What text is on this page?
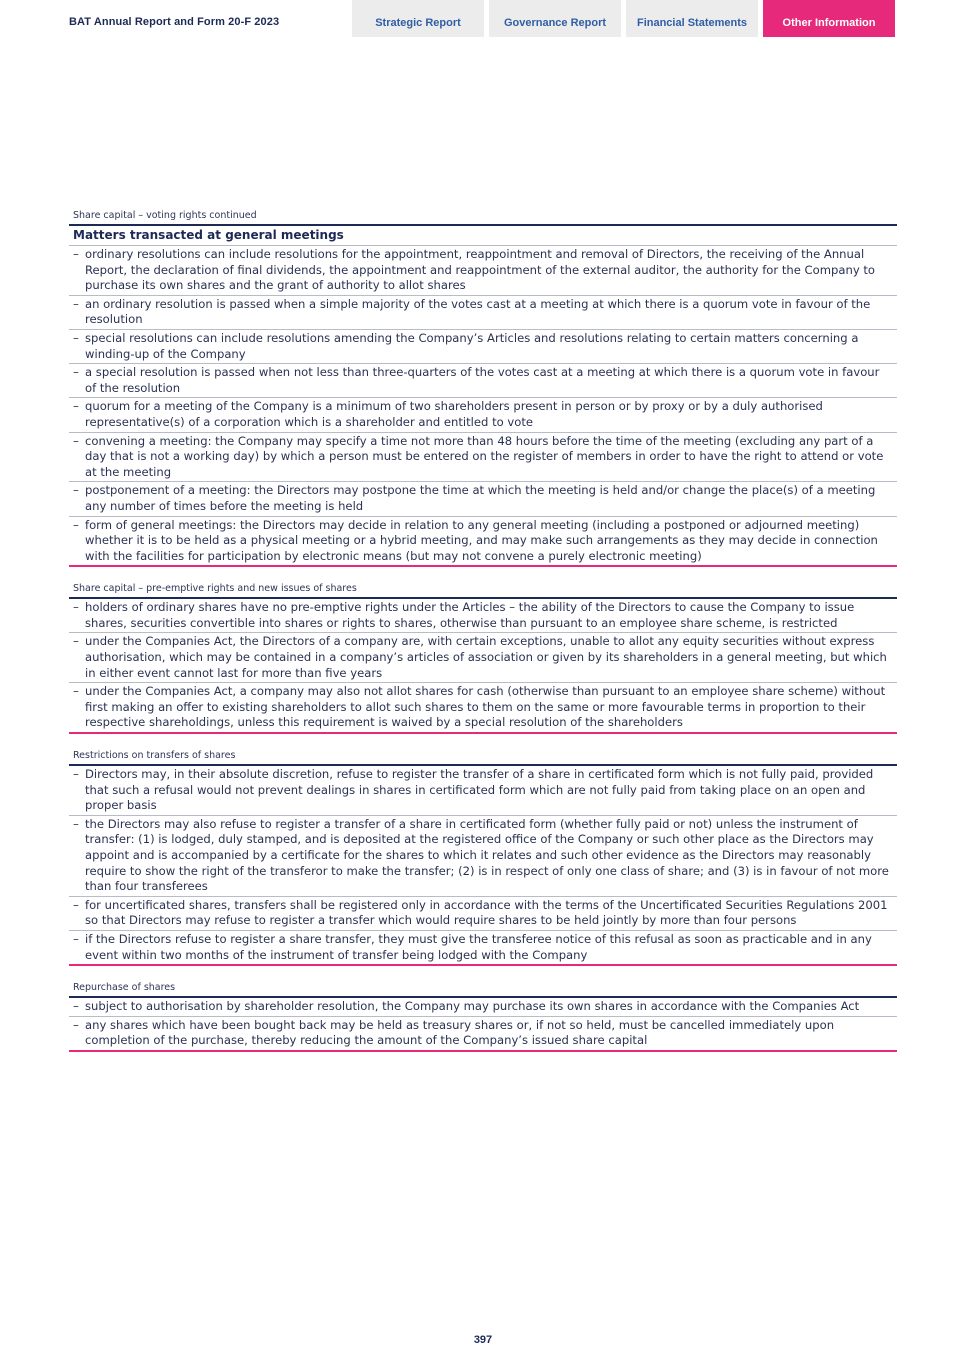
BAT Annual Report and Form 20-F 2023	Strategic Report	Governance Report	Financial Statements	Other Information
Share capital – voting rights continued
Matters transacted at general meetings
– ordinary resolutions can include resolutions for the appointment, reappointment and removal of Directors, the receiving of the Annual Report, the declaration of final dividends, the appointment and reappointment of the external auditor, the authority for the Company to purchase its own shares and the grant of authority to allot shares
– an ordinary resolution is passed when a simple majority of the votes cast at a meeting at which there is a quorum vote in favour of the resolution
– special resolutions can include resolutions amending the Company’s Articles and resolutions relating to certain matters concerning a winding-up of the Company
– a special resolution is passed when not less than three-quarters of the votes cast at a meeting at which there is a quorum vote in favour of the resolution
– quorum for a meeting of the Company is a minimum of two shareholders present in person or by proxy or by a duly authorised representative(s) of a corporation which is a shareholder and entitled to vote
– convening a meeting: the Company may specify a time not more than 48 hours before the time of the meeting (excluding any part of a day that is not a working day) by which a person must be entered on the register of members in order to have the right to attend or vote at the meeting
– postponement of a meeting: the Directors may postpone the time at which the meeting is held and/or change the place(s) of a meeting any number of times before the meeting is held
– form of general meetings: the Directors may decide in relation to any general meeting (including a postponed or adjourned meeting) whether it is to be held as a physical meeting or a hybrid meeting, and may make such arrangements as they may decide in connection with the facilities for participation by electronic means (but may not convene a purely electronic meeting)
Share capital – pre-emptive rights and new issues of shares
– holders of ordinary shares have no pre-emptive rights under the Articles – the ability of the Directors to cause the Company to issue shares, securities convertible into shares or rights to shares, otherwise than pursuant to an employee share scheme, is restricted
– under the Companies Act, the Directors of a company are, with certain exceptions, unable to allot any equity securities without express authorisation, which may be contained in a company’s articles of association or given by its shareholders in a general meeting, but which in either event cannot last for more than five years
– under the Companies Act, a company may also not allot shares for cash (otherwise than pursuant to an employee share scheme) without first making an offer to existing shareholders to allot such shares to them on the same or more favourable terms in proportion to their respective shareholdings, unless this requirement is waived by a special resolution of the shareholders
Restrictions on transfers of shares
– Directors may, in their absolute discretion, refuse to register the transfer of a share in certificated form which is not fully paid, provided that such a refusal would not prevent dealings in shares in certificated form which are not fully paid from taking place on an open and proper basis
– the Directors may also refuse to register a transfer of a share in certificated form (whether fully paid or not) unless the instrument of transfer: (1) is lodged, duly stamped, and is deposited at the registered office of the Company or such other place as the Directors may appoint and is accompanied by a certificate for the shares to which it relates and such other evidence as the Directors may reasonably require to show the right of the transferor to make the transfer; (2) is in respect of only one class of share; and (3) is in favour of not more than four transferees
– for uncertificated shares, transfers shall be registered only in accordance with the terms of the Uncertificated Securities Regulations 2001 so that Directors may refuse to register a transfer which would require shares to be held jointly by more than four persons
– if the Directors refuse to register a share transfer, they must give the transferee notice of this refusal as soon as practicable and in any event within two months of the instrument of transfer being lodged with the Company
Repurchase of shares
– subject to authorisation by shareholder resolution, the Company may purchase its own shares in accordance with the Companies Act
– any shares which have been bought back may be held as treasury shares or, if not so held, must be cancelled immediately upon completion of the purchase, thereby reducing the amount of the Company’s issued share capital
397
